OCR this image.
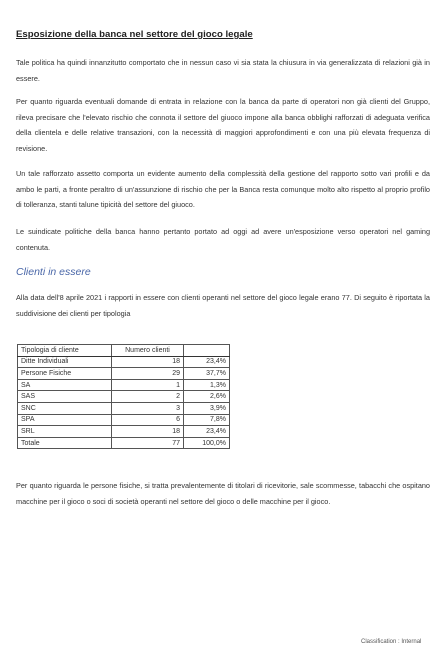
Esposizione della banca nel settore del gioco legale

Tale politica ha quindi innanzitutto comportato che in nessun caso vi sia stata la chiusura in via generalizzata di relazioni già in essere.

Per quanto riguarda eventuali domande di entrata in relazione con la banca da parte di operatori non già clienti del Gruppo, rileva precisare che l'elevato rischio che connota il settore del giuoco impone alla banca obblighi rafforzati di adeguata verifica della clientela e delle relative transazioni, con la necessità di maggiori approfondimenti e con una più elevata frequenza di revisione.

Un tale rafforzato assetto comporta un evidente aumento della complessità della gestione del rapporto sotto vari profili e da ambo le parti, a fronte peraltro di un'assunzione di rischio che per la Banca resta comunque molto alto rispetto al proprio profilo di tolleranza, stanti talune tipicità del settore del giuoco.

Le suindicate politiche della banca hanno pertanto portato ad oggi ad avere un'esposizione verso operatori nel gaming contenuta.

Clienti in essere

Alla data dell'8 aprile 2021 i rapporti in essere con clienti operanti nel settore del gioco legale erano 77. Di seguito è riportata la suddivisione dei clienti per tipologia

Tipologia di cliente	Numero clienti	
Ditte Individuali	18	23,4%
Persone Fisiche	29	37,7%
SA	1	1,3%
SAS	2	2,6%
SNC	3	3,9%
SPA	6	7,8%
SRL	18	23,4%
Totale	77	100,0%

Per quanto riguarda le persone fisiche, si tratta prevalentemente di titolari di ricevitorie, sale scommesse, tabacchi che ospitano macchine per il gioco o soci di società operanti nel settore del gioco o delle macchine per il gioco.

Classification : Internal
